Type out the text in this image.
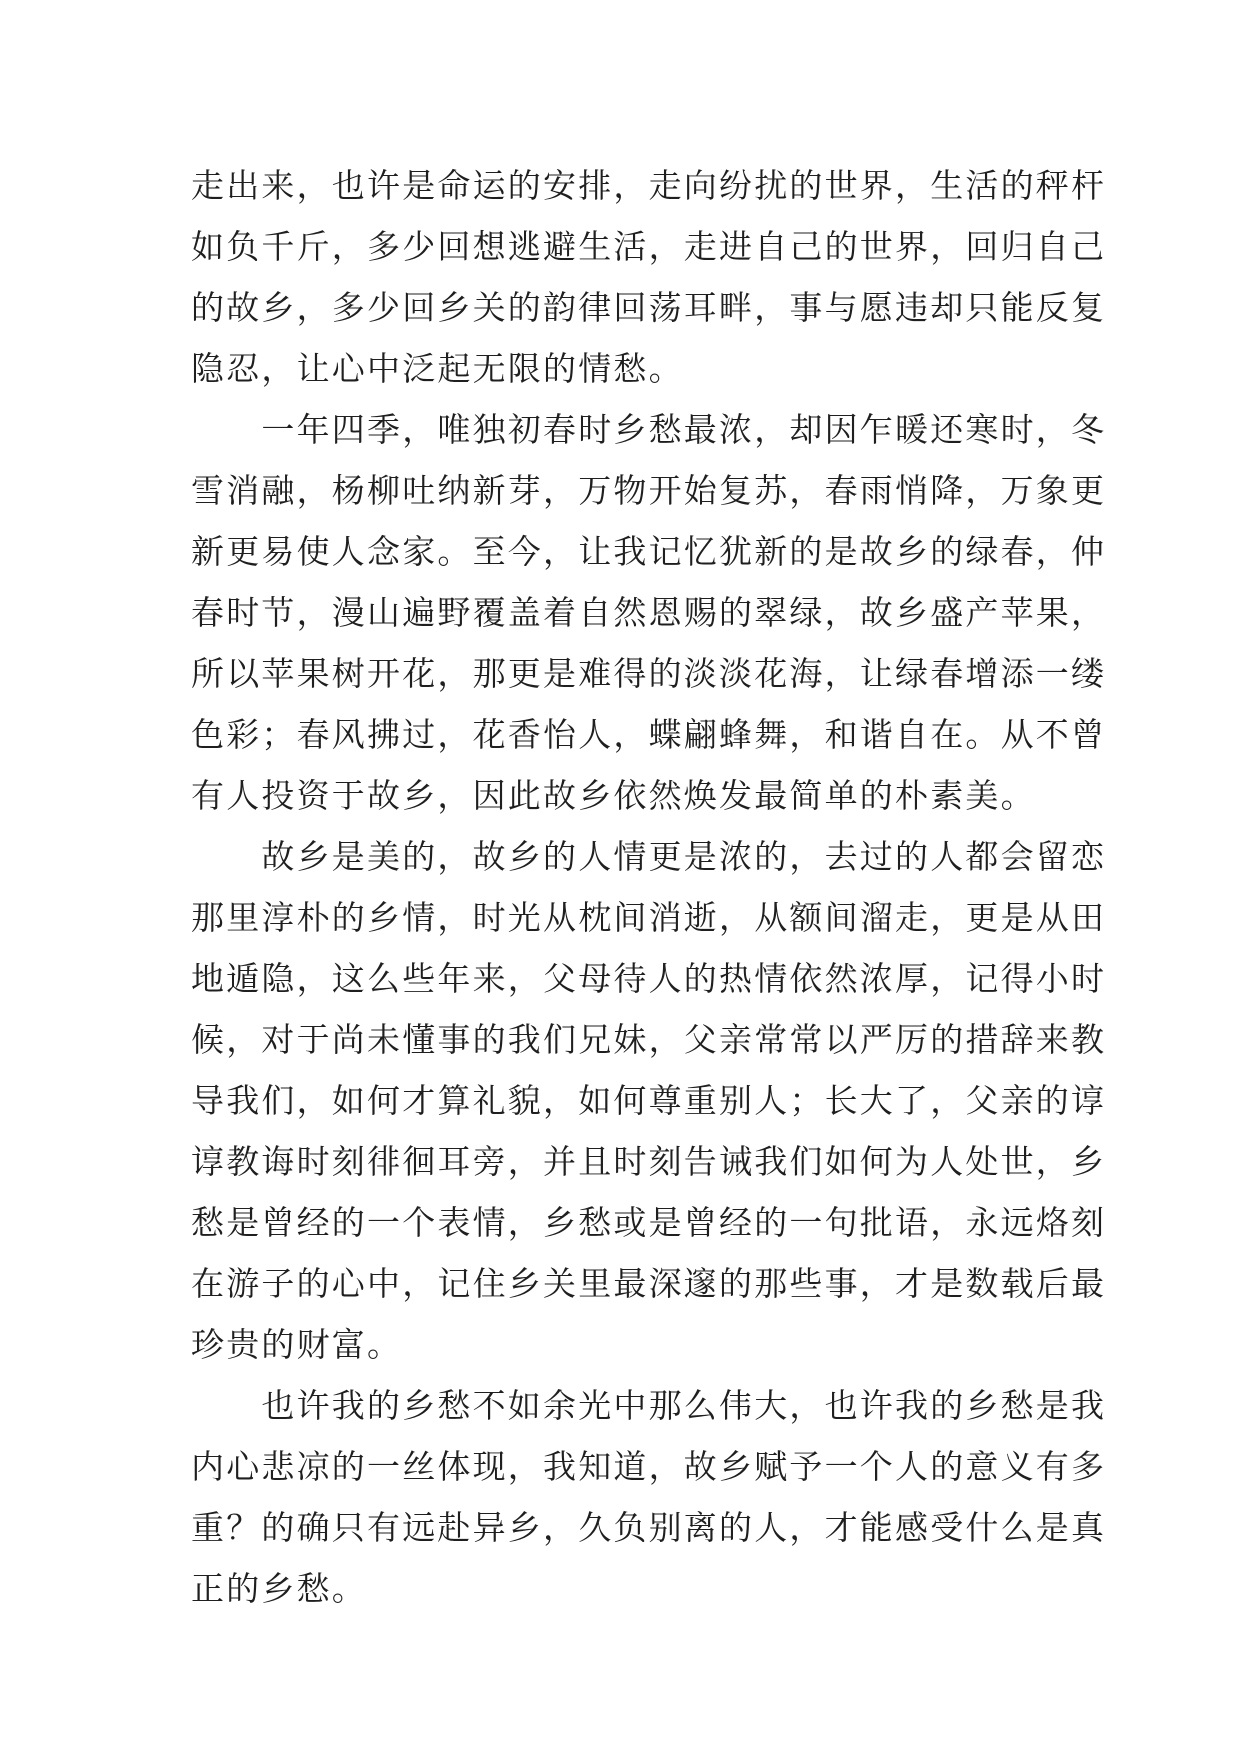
走出来，也许是命运的安排，走向纷扰的世界，生活的秤杆
如负千斤，多少回想逃避生活，走进自己的世界，回归自己
的故乡，多少回乡关的韵律回荡耳畔，事与愿违却只能反复
隐忍，让心中泛起无限的情愁。
　　一年四季，唯独初春时乡愁最浓，却因乍暖还寒时，冬
雪消融，杨柳吐纳新芽，万物开始复苏，春雨悄降，万象更
新更易使人念家。至今，让我记忆犹新的是故乡的绿春，仲
春时节，漫山遍野覆盖着自然恩赐的翠绿，故乡盛产苹果，
所以苹果树开花，那更是难得的淡淡花海，让绿春增添一缕
色彩；春风拂过，花香怡人，蝶翩蜂舞，和谐自在。从不曾
有人投资于故乡，因此故乡依然焕发最简单的朴素美。
　　故乡是美的，故乡的人情更是浓的，去过的人都会留恋
那里淳朴的乡情，时光从枕间消逝，从额间溜走，更是从田
地遁隐，这么些年来，父母待人的热情依然浓厚，记得小时
候，对于尚未懂事的我们兄妹，父亲常常以严厉的措辞来教
导我们，如何才算礼貌，如何尊重别人；长大了，父亲的谆
谆教诲时刻徘徊耳旁，并且时刻告诫我们如何为人处世，乡
愁是曾经的一个表情，乡愁或是曾经的一句批语，永远烙刻
在游子的心中，记住乡关里最深邃的那些事，才是数载后最
珍贵的财富。
　　也许我的乡愁不如余光中那么伟大，也许我的乡愁是我
内心悲凉的一丝体现，我知道，故乡赋予一个人的意义有多
重？的确只有远赴异乡，久负别离的人，才能感受什么是真
正的乡愁。
